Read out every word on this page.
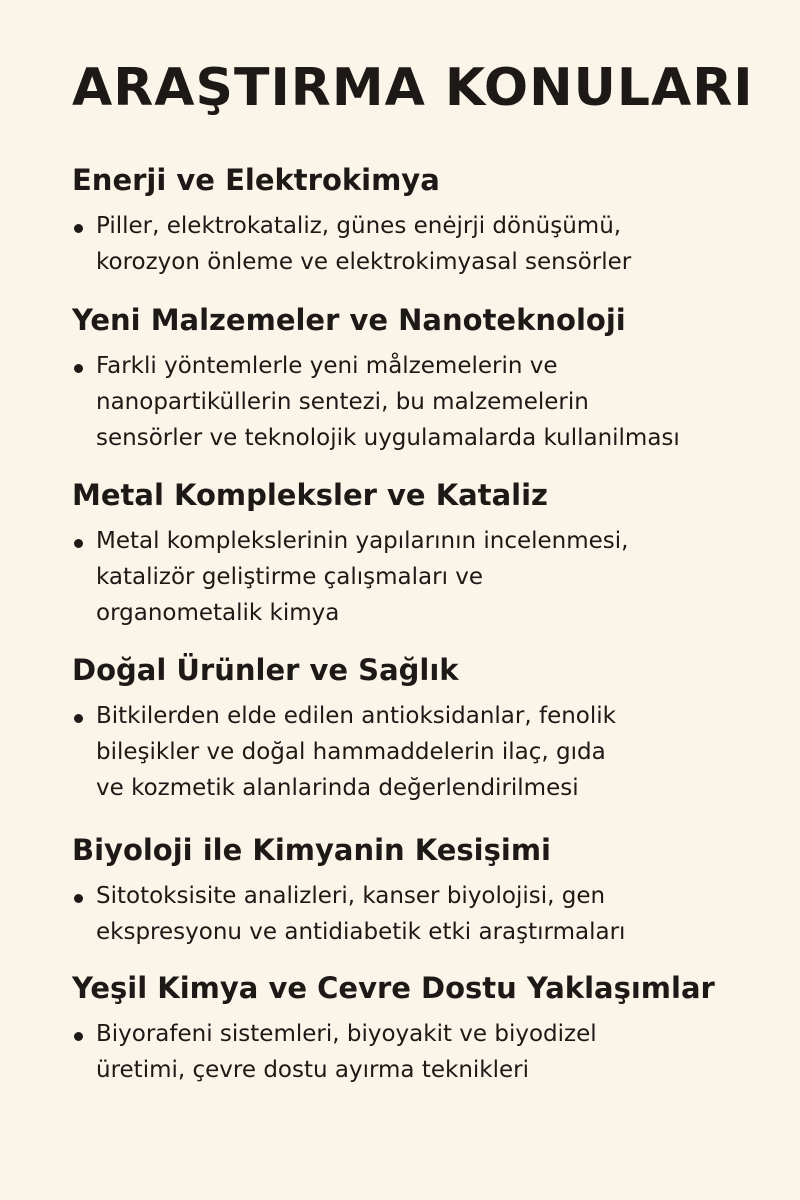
ARAŞTIRMA KONULARI
Enerji ve Elektrokimya
Piller, elektrokataliz, günes enėjrji dönüşümü,
korozyon önleme ve elektrokimyasal sensörler
Yeni Malzemeler ve Nanoteknoloji
Farkli yöntemlerle yeni målzemelerin ve
nanopartiküllerin sentezi, bu malzemelerin
sensörler ve teknolojik uygulamalarda kullanilması
Metal Kompleksler ve Kataliz
Metal komplekslerinin yapılarının incelenmesi,
katalizör geliştirme çalışmaları ve
organometalik kimya
Doğal Ürünler ve Sağlık
Bitkilerden elde edilen antioksidanlar, fenolik
bileşikler ve doğal hammaddelerin ilaç, gıda
ve kozmetik alanlarinda değerlendirilmesi
Biyoloji ile Kimyanin Kesişimi
Sitotoksisite analizleri, kanser biyolojisi, gen
ekspresyonu ve antidiabetik etki araştırmaları
Yeşil Kimya ve Cevre Dostu Yaklaşımlar
Biyorafeni sistemleri, biyoyakit ve biyodizel
üretimi, çevre dostu ayırma teknikleri
